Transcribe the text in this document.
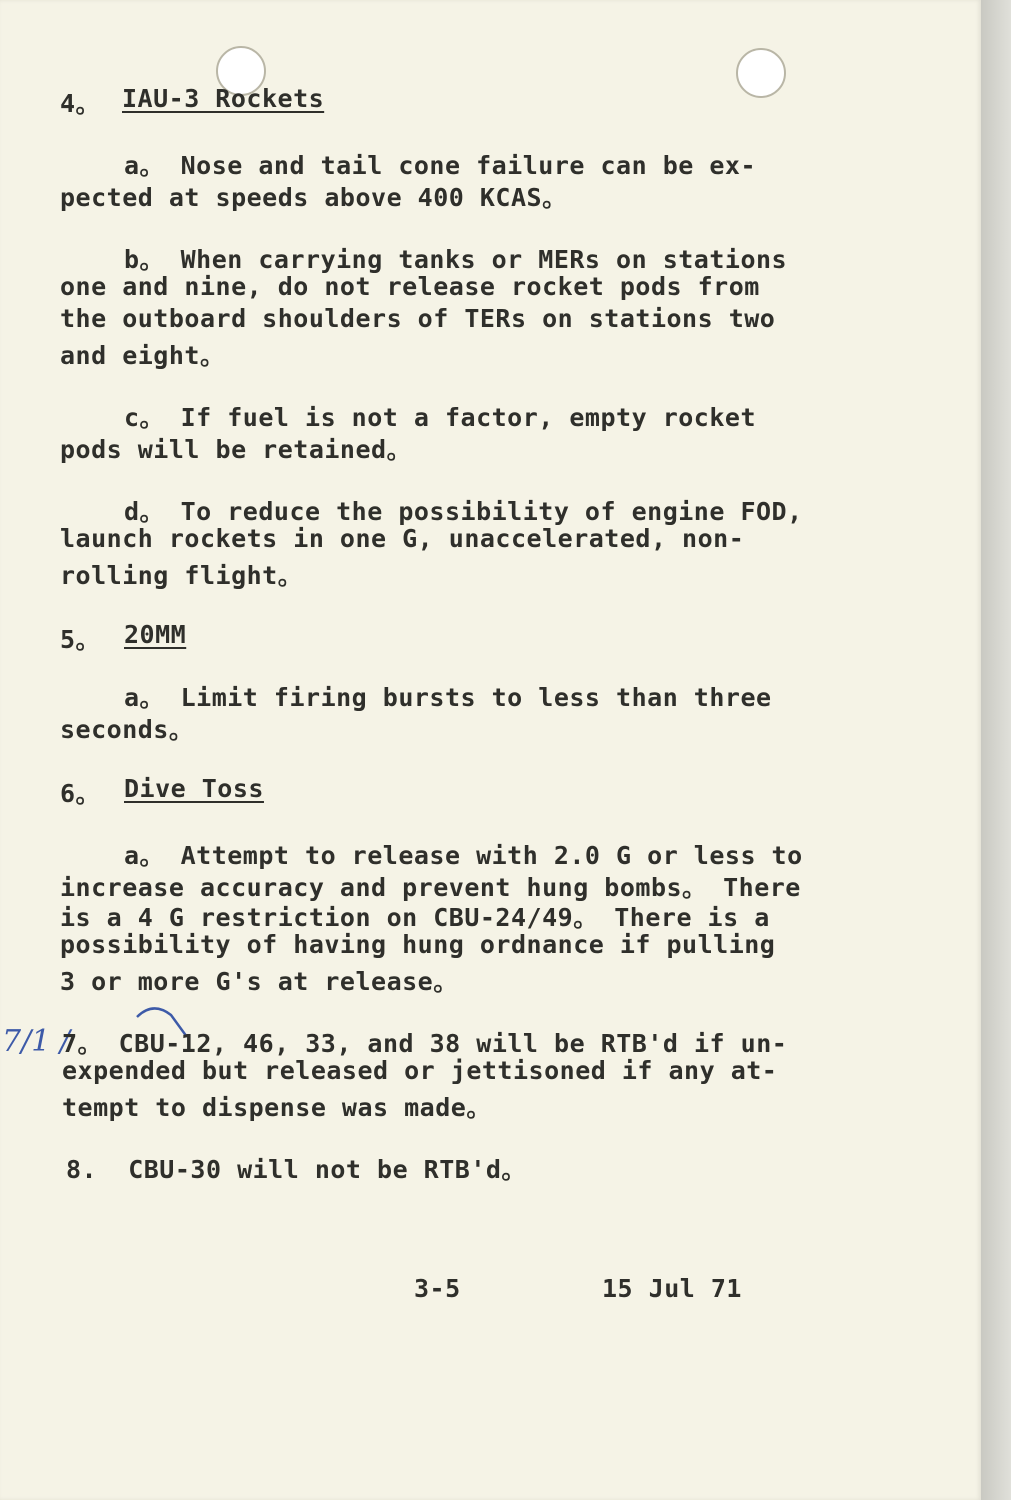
4。 IAU-3 Rockets
a。 Nose and tail cone failure can be ex-
pected at speeds above 400 KCAS。
b。 When carrying tanks or MERs on stations
one and nine, do not release rocket pods from
the outboard shoulders of TERs on stations two
and eight。
c。 If fuel is not a factor, empty rocket
pods will be retained。
d。 To reduce the possibility of engine FOD,
launch rockets in one G, unaccelerated, non-
rolling flight。
5。 20MM
a。 Limit firing bursts to less than three
seconds。
6。 Dive Toss
a。 Attempt to release with 2.0 G or less to
increase accuracy and prevent hung bombs。 There
is a 4 G restriction on CBU-24/49。 There is a
possibility of having hung ordnance if pulling
3 or more G's at release。
7/1 /
7。 CBU-12, 46, 33, and 38 will be RTB'd if un-
expended but released or jettisoned if any at-
tempt to dispense was made。
8.  CBU-30 will not be RTB'd。
3-5	15 Jul 71
